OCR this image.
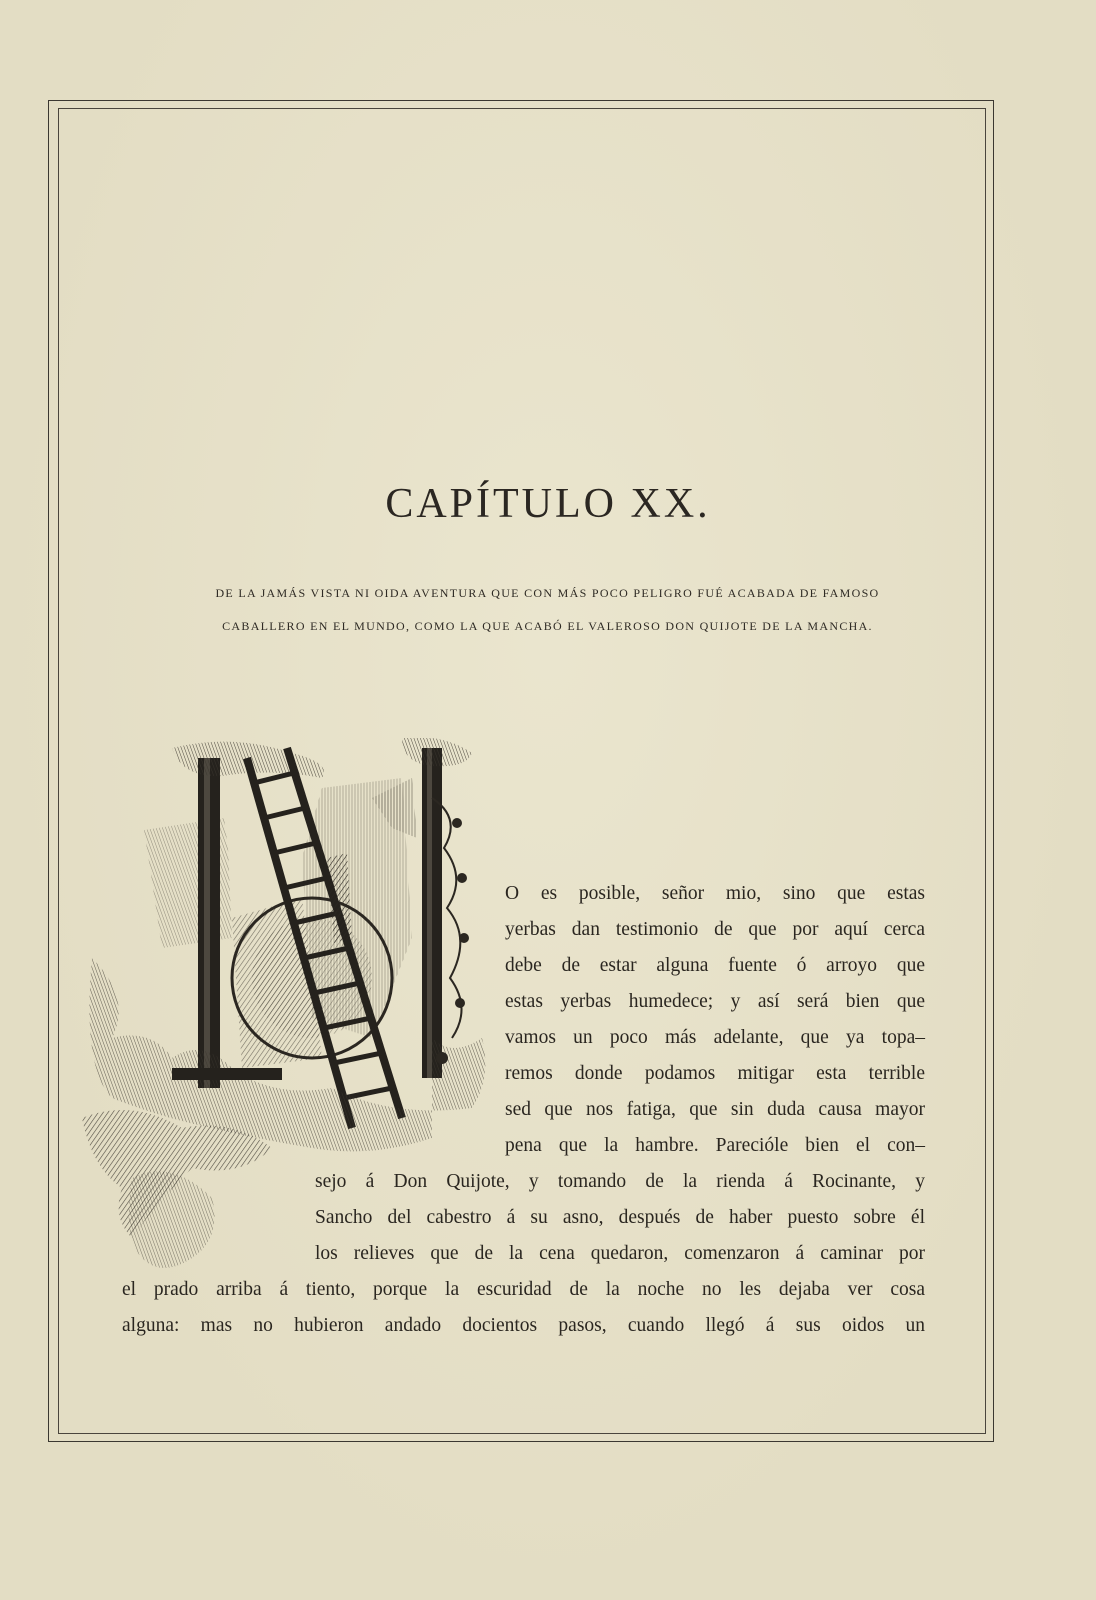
CAPÍTULO XX.
DE LA JAMÁS VISTA NI OIDA AVENTURA QUE CON MÁS POCO PELIGRO FUÉ ACABADA DE FAMOSO
CABALLERO EN EL MUNDO, COMO LA QUE ACABÓ EL VALEROSO DON QUIJOTE DE LA MANCHA.
O es posible, señor mio, sino que estas
yerbas dan testimonio de que por aquí cerca
debe de estar alguna fuente ó arroyo que
estas yerbas humedece; y así será bien que
vamos un poco más adelante, que ya topa–
remos donde podamos mitigar esta terrible
sed que nos fatiga, que sin duda causa mayor
pena que la hambre. Parecióle bien el con–
sejo á Don Quijote, y tomando de la rienda á Rocinante, y
Sancho del cabestro á su asno, después de haber puesto sobre él
los relieves que de la cena quedaron, comenzaron á caminar por
el prado arriba á tiento, porque la escuridad de la noche no les dejaba ver cosa
alguna: mas no hubieron andado docientos pasos, cuando llegó á sus oidos un
